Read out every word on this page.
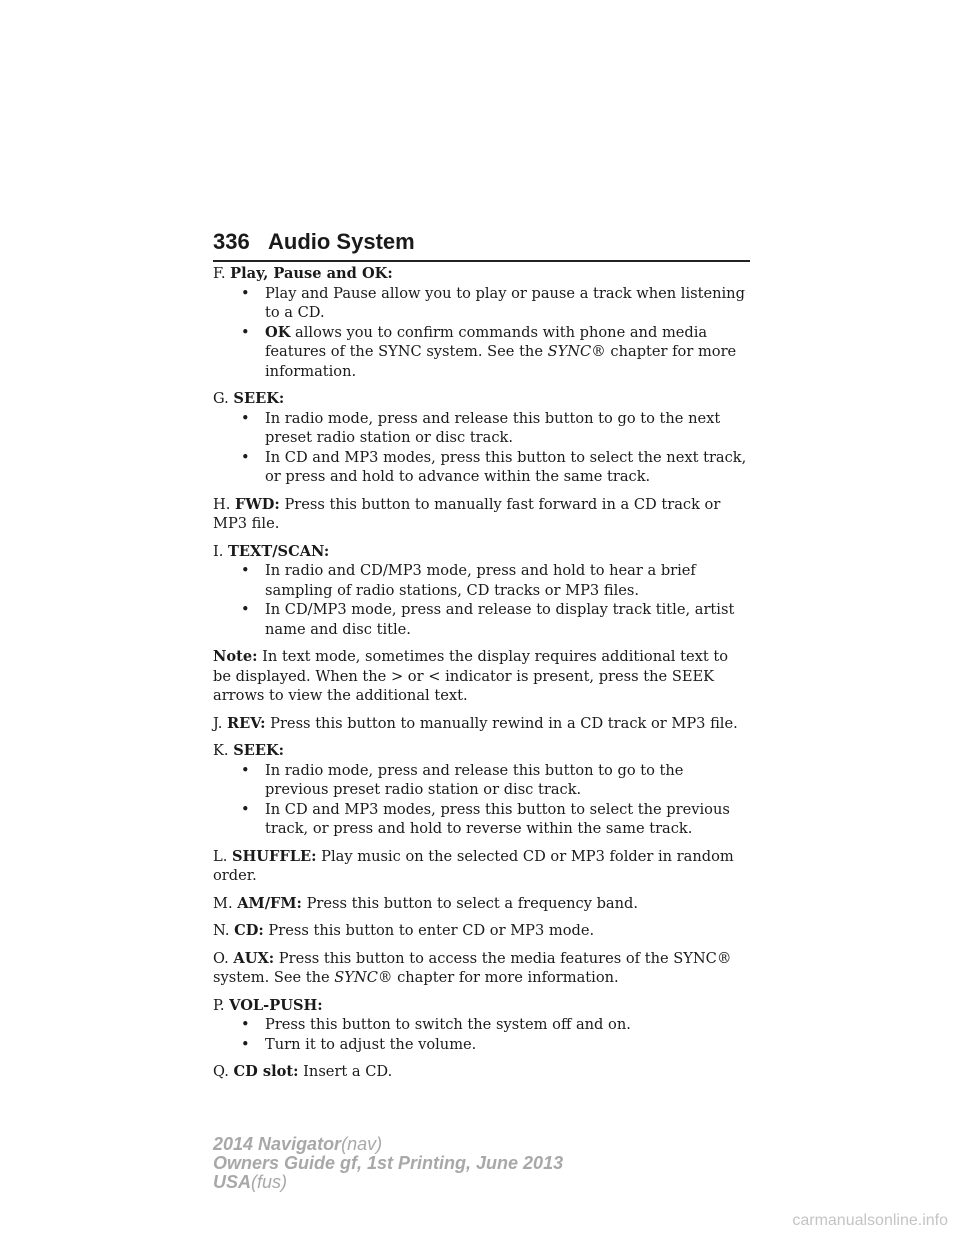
336 Audio System

F. Play, Pause and OK:

• Play and Pause allow you to play or pause a track when listening to a CD.
• OK allows you to confirm commands with phone and media features of the SYNC system. See the SYNC® chapter for more information.

G. SEEK:

• In radio mode, press and release this button to go to the next preset radio station or disc track.
• In CD and MP3 modes, press this button to select the next track, or press and hold to advance within the same track.

H. FWD: Press this button to manually fast forward in a CD track or MP3 file.

I. TEXT/SCAN:

• In radio and CD/MP3 mode, press and hold to hear a brief sampling of radio stations, CD tracks or MP3 files.
• In CD/MP3 mode, press and release to display track title, artist name and disc title.

Note: In text mode, sometimes the display requires additional text to be displayed. When the > or < indicator is present, press the SEEK arrows to view the additional text.

J. REV: Press this button to manually rewind in a CD track or MP3 file.

K. SEEK:

• In radio mode, press and release this button to go to the previous preset radio station or disc track.
• In CD and MP3 modes, press this button to select the previous track, or press and hold to reverse within the same track.

L. SHUFFLE: Play music on the selected CD or MP3 folder in random order.

M. AM/FM: Press this button to select a frequency band.

N. CD: Press this button to enter CD or MP3 mode.

O. AUX: Press this button to access the media features of the SYNC® system. See the SYNC® chapter for more information.

P. VOL-PUSH:

• Press this button to switch the system off and on.
• Turn it to adjust the volume.

Q. CD slot: Insert a CD.

2014 Navigator(nav)
Owners Guide gf, 1st Printing, June 2013
USA(fus)
carmanualsonline.info
